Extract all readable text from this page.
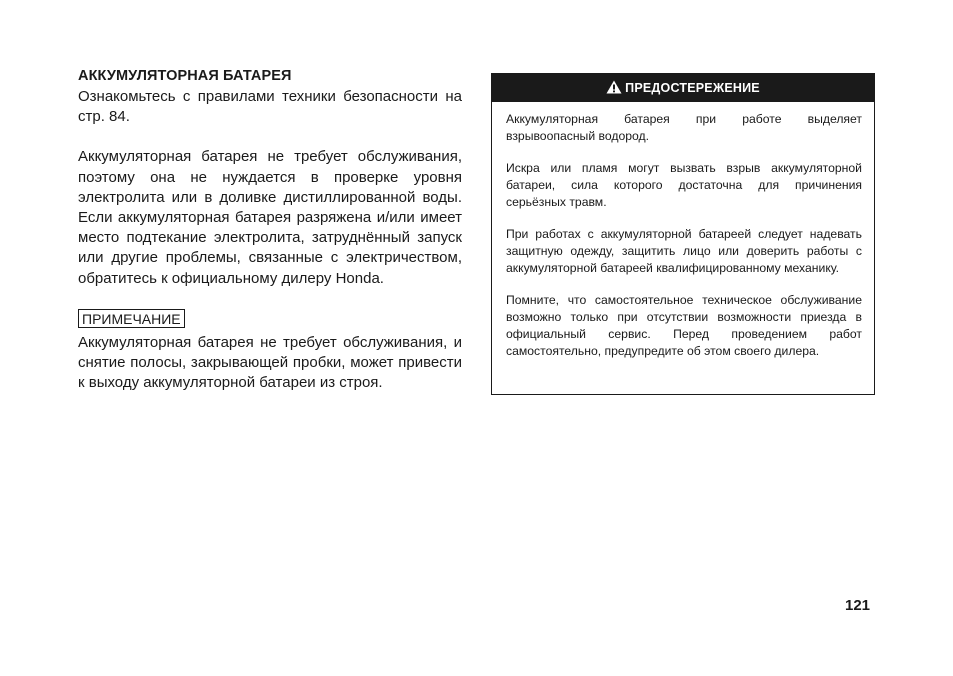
АККУМУЛЯТОРНАЯ БАТАРЕЯ

Ознакомьтесь с правилами техники безопасности на стр. 84.

Аккумуляторная батарея не требует обслуживания, поэтому она не нуждается в проверке уровня электролита или в доливке дистиллированной воды. Если аккумуляторная батарея разряжена и/или имеет место подтекание электролита, затруднённый запуск или другие проблемы, связанные с электричеством, обратитесь к официальному дилеру Honda.

ПРИМЕЧАНИЕ

Аккумуляторная батарея не требует обслуживания, и снятие полосы, закрывающей пробки, может привести к выходу аккумуляторной батареи из строя.

ПРЕДОСТЕРЕЖЕНИЕ

Аккумуляторная батарея при работе выделяет взрывоопасный водород.

Искра или пламя могут вызвать взрыв аккумуляторной батареи, сила которого достаточна для причинения серьёзных травм.

При работах с аккумуляторной батареей следует надевать защитную одежду, защитить лицо или доверить работы с аккумуляторной батареей квалифицированному механику.

Помните, что самостоятельное техническое обслуживание возможно только при отсутствии возможности приезда в официальный сервис. Перед проведением работ самостоятельно, предупредите об этом своего дилера.

121
